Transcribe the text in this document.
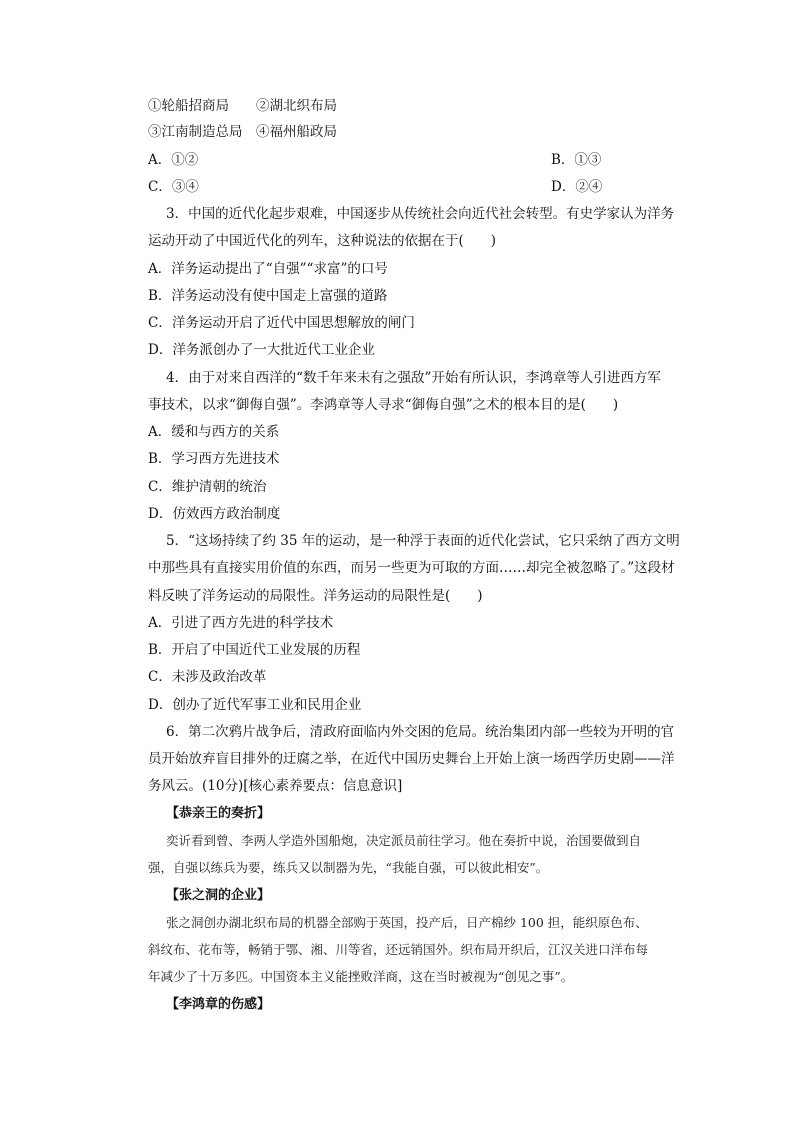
①轮船招商局　　②湖北织布局
③江南制造总局　④福州船政局
A．①②	B．①③
C．③④	D．②④
3．中国的近代化起步艰难，中国逐步从传统社会向近代社会转型。有史学家认为洋务
运动开动了中国近代化的列车，这种说法的依据在于(　　)
A．洋务运动提出了“自强”“求富”的口号
B．洋务运动没有使中国走上富强的道路
C．洋务运动开启了近代中国思想解放的闸门
D．洋务派创办了一大批近代工业企业
4．由于对来自西洋的“数千年来未有之强敌”开始有所认识，李鸿章等人引进西方军
事技术，以求“御侮自强”。李鸿章等人寻求“御侮自强”之术的根本目的是(　　)
A．缓和与西方的关系
B．学习西方先进技术
C．维护清朝的统治
D．仿效西方政治制度
5．“这场持续了约 35 年的运动，是一种浮于表面的近代化尝试，它只采纳了西方文明
中那些具有直接实用价值的东西，而另一些更为可取的方面……却完全被忽略了。”这段材
料反映了洋务运动的局限性。洋务运动的局限性是(　　)
A．引进了西方先进的科学技术
B．开启了中国近代工业发展的历程
C．未涉及政治改革
D．创办了近代军事工业和民用企业
6．第二次鸦片战争后，清政府面临内外交困的危局。统治集团内部一些较为开明的官
员开始放弃盲目排外的迂腐之举，在近代中国历史舞台上开始上演一场西学历史剧——洋
务风云。(10分)[核心素养要点：信息意识]
【恭亲王的奏折】
奕䜣看到曾、李两人学造外国船炮，决定派员前往学习。他在奏折中说，治国要做到自
强，自强以练兵为要，练兵又以制器为先，“我能自强，可以彼此相安”。
【张之洞的企业】
张之洞创办湖北织布局的机器全部购于英国，投产后，日产棉纱 100 担，能织原色布、
斜纹布、花布等，畅销于鄂、湘、川等省，还远销国外。织布局开织后，江汉关进口洋布每
年减少了十万多匹。中国资本主义能挫败洋商，这在当时被视为“创见之事”。
【李鸿章的伤感】
